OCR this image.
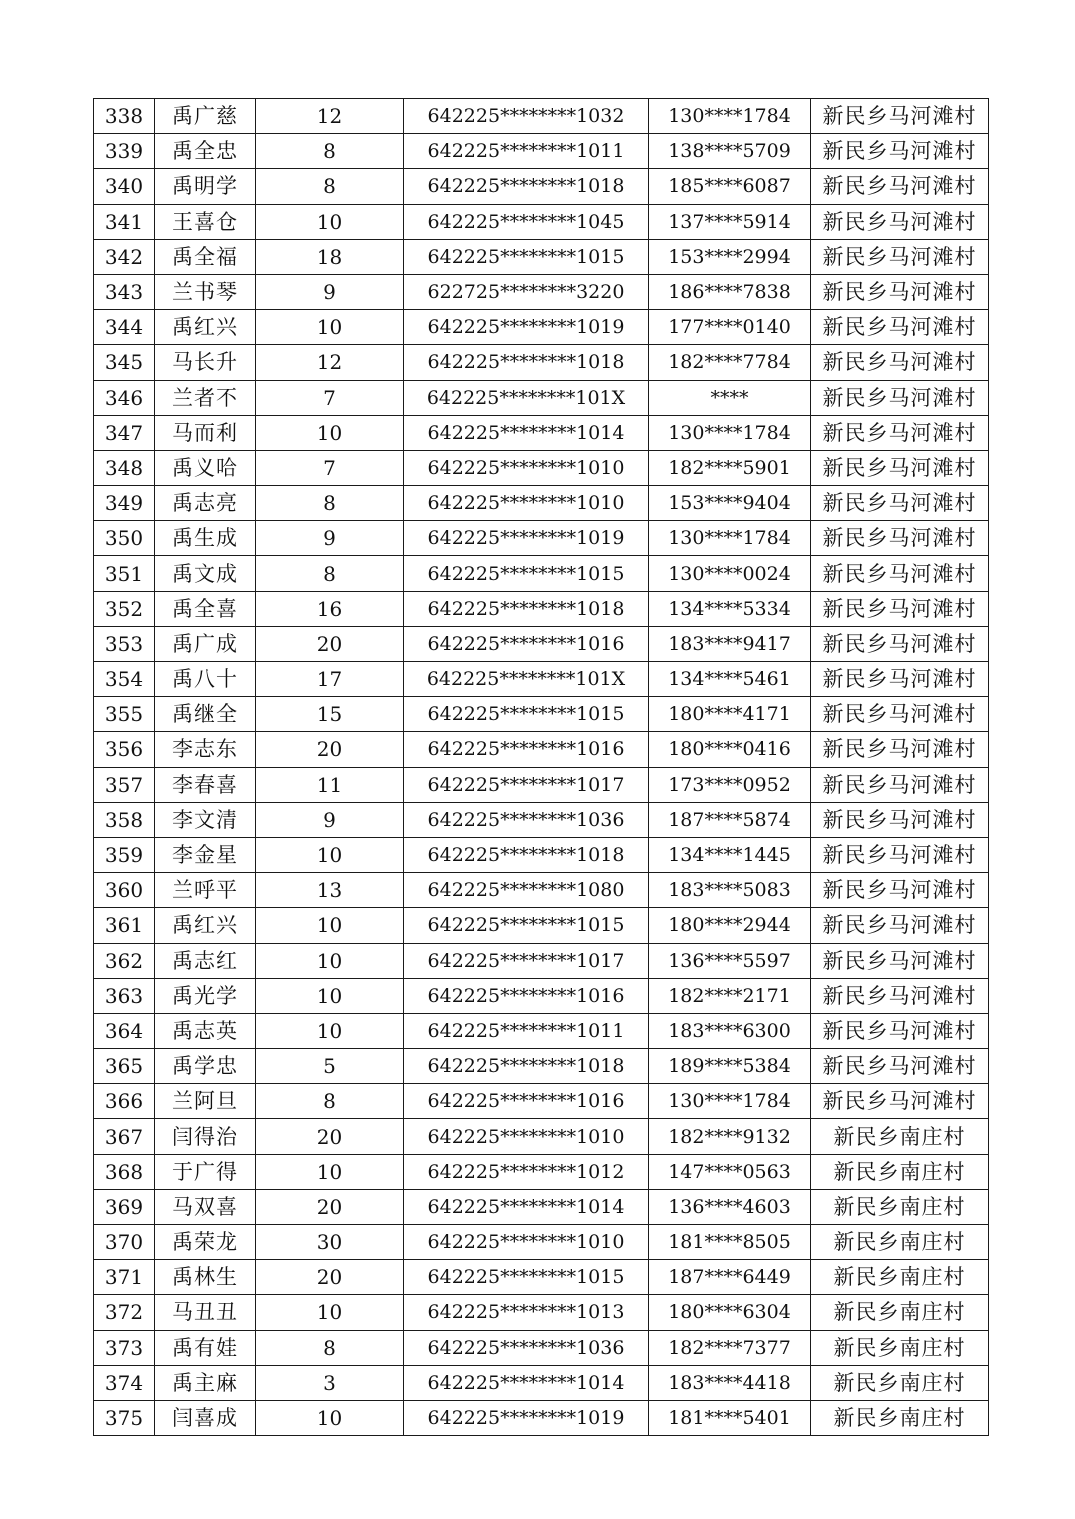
338	禹广慈	12	642225********1032	130****1784	新民乡马河滩村
339	禹全忠	8	642225********1011	138****5709	新民乡马河滩村
340	禹明学	8	642225********1018	185****6087	新民乡马河滩村
341	王喜仓	10	642225********1045	137****5914	新民乡马河滩村
342	禹全福	18	642225********1015	153****2994	新民乡马河滩村
343	兰书琴	9	622725********3220	186****7838	新民乡马河滩村
344	禹红兴	10	642225********1019	177****0140	新民乡马河滩村
345	马长升	12	642225********1018	182****7784	新民乡马河滩村
346	兰者不	7	642225********101X	****	新民乡马河滩村
347	马而利	10	642225********1014	130****1784	新民乡马河滩村
348	禹义哈	7	642225********1010	182****5901	新民乡马河滩村
349	禹志亮	8	642225********1010	153****9404	新民乡马河滩村
350	禹生成	9	642225********1019	130****1784	新民乡马河滩村
351	禹文成	8	642225********1015	130****0024	新民乡马河滩村
352	禹全喜	16	642225********1018	134****5334	新民乡马河滩村
353	禹广成	20	642225********1016	183****9417	新民乡马河滩村
354	禹八十	17	642225********101X	134****5461	新民乡马河滩村
355	禹继全	15	642225********1015	180****4171	新民乡马河滩村
356	李志东	20	642225********1016	180****0416	新民乡马河滩村
357	李春喜	11	642225********1017	173****0952	新民乡马河滩村
358	李文清	9	642225********1036	187****5874	新民乡马河滩村
359	李金星	10	642225********1018	134****1445	新民乡马河滩村
360	兰呼平	13	642225********1080	183****5083	新民乡马河滩村
361	禹红兴	10	642225********1015	180****2944	新民乡马河滩村
362	禹志红	10	642225********1017	136****5597	新民乡马河滩村
363	禹光学	10	642225********1016	182****2171	新民乡马河滩村
364	禹志英	10	642225********1011	183****6300	新民乡马河滩村
365	禹学忠	5	642225********1018	189****5384	新民乡马河滩村
366	兰阿旦	8	642225********1016	130****1784	新民乡马河滩村
367	闫得治	20	642225********1010	182****9132	新民乡南庄村
368	于广得	10	642225********1012	147****0563	新民乡南庄村
369	马双喜	20	642225********1014	136****4603	新民乡南庄村
370	禹荣龙	30	642225********1010	181****8505	新民乡南庄村
371	禹林生	20	642225********1015	187****6449	新民乡南庄村
372	马丑丑	10	642225********1013	180****6304	新民乡南庄村
373	禹有娃	8	642225********1036	182****7377	新民乡南庄村
374	禹主麻	3	642225********1014	183****4418	新民乡南庄村
375	闫喜成	10	642225********1019	181****5401	新民乡南庄村
